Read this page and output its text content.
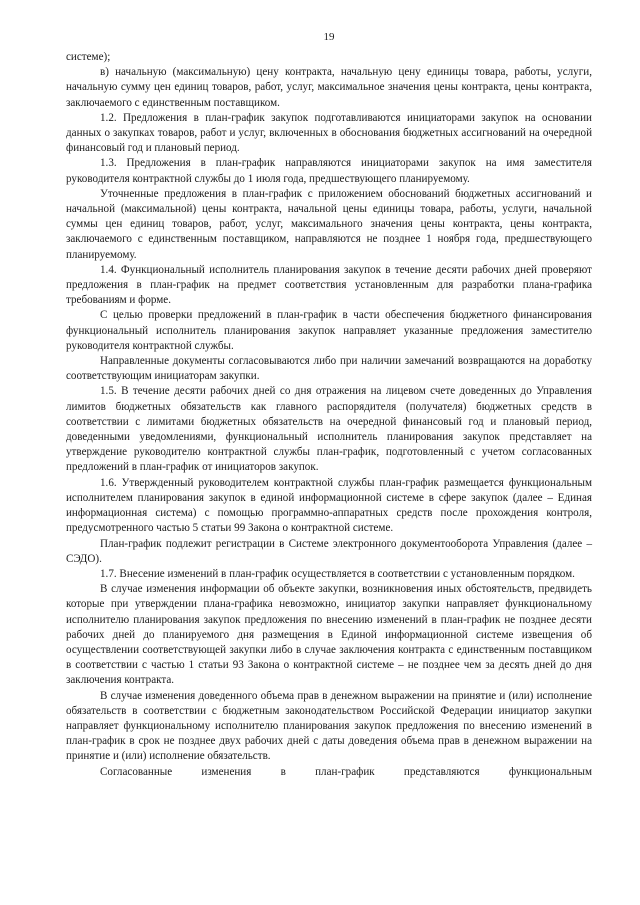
19

системе);

в) начальную (максимальную) цену контракта, начальную цену единицы товара, работы, услуги, начальную сумму цен единиц товаров, работ, услуг, максимальное значения цены контракта, цены контракта, заключаемого с единственным поставщиком.

1.2. Предложения в план-график закупок подготавливаются инициаторами закупок на основании данных о закупках товаров, работ и услуг, включенных в обоснования бюджетных ассигнований на очередной финансовый год и плановый период.

1.3. Предложения в план-график направляются инициаторами закупок на имя заместителя руководителя контрактной службы до 1 июля года, предшествующего планируемому.

Уточненные предложения в план-график с приложением обоснований бюджетных ассигнований и начальной (максимальной) цены контракта, начальной цены единицы товара, работы, услуги, начальной суммы цен единиц товаров, работ, услуг, максимального значения цены контракта, цены контракта, заключаемого с единственным поставщиком, направляются не позднее 1 ноября года, предшествующего планируемому.

1.4. Функциональный исполнитель планирования закупок в течение десяти рабочих дней проверяют предложения в план-график на предмет соответствия установленным для разработки плана-графика требованиям и форме.

С целью проверки предложений в план-график в части обеспечения бюджетного финансирования функциональный исполнитель планирования закупок направляет указанные предложения заместителю руководителя контрактной службы.

Направленные документы согласовываются либо при наличии замечаний возвращаются на доработку соответствующим инициаторам закупки.

1.5. В течение десяти рабочих дней со дня отражения на лицевом счете доведенных до Управления лимитов бюджетных обязательств как главного распорядителя (получателя) бюджетных средств в соответствии с лимитами бюджетных обязательств на очередной финансовый год и плановый период, доведенными уведомлениями, функциональный исполнитель планирования закупок представляет на утверждение руководителю контрактной службы план-график, подготовленный с учетом согласованных предложений в план-график от инициаторов закупок.

1.6. Утвержденный руководителем контрактной службы план-график размещается функциональным исполнителем планирования закупок в единой информационной системе в сфере закупок (далее – Единая информационная система) с помощью программно-аппаратных средств после прохождения контроля, предусмотренного частью 5 статьи 99 Закона о контрактной системе.

План-график подлежит регистрации в Системе электронного документооборота Управления (далее – СЭДО).

1.7. Внесение изменений в план-график осуществляется в соответствии с установленным порядком.

В случае изменения информации об объекте закупки, возникновения иных обстоятельств, предвидеть которые при утверждении плана-графика невозможно, инициатор закупки направляет функциональному исполнителю планирования закупок предложения по внесению изменений в план-график не позднее десяти рабочих дней до планируемого дня размещения в Единой информационной системе извещения об осуществлении соответствующей закупки либо в случае заключения контракта с единственным поставщиком в соответствии с частью 1 статьи 93 Закона о контрактной системе – не позднее чем за десять дней до дня заключения контракта.

В случае изменения доведенного объема прав в денежном выражении на принятие и (или) исполнение обязательств в соответствии с бюджетным законодательством Российской Федерации инициатор закупки направляет функциональному исполнителю планирования закупок предложения по внесению изменений в план-график в срок не позднее двух рабочих дней с даты доведения объема прав в денежном выражении на принятие и (или) исполнение обязательств.

Согласованные изменения в план-график представляются функциональным
